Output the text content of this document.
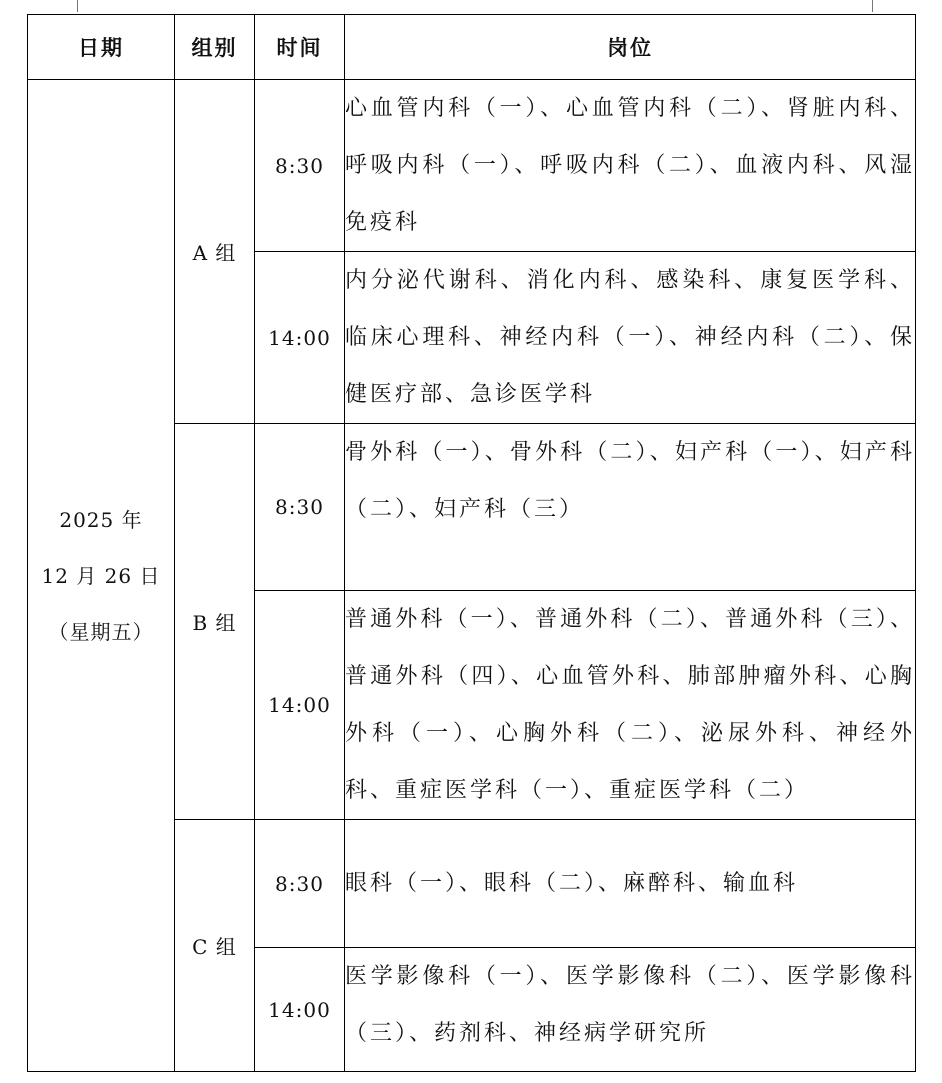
日期	组别	时间	岗位

2025 年
12 月 26 日
（星期五）	A 组	8:30	心血管内科（一）、心血管内科（二）、肾脏内科、呼吸内科（一）、呼吸内科（二）、血液内科、风湿免疫科
		14:00	内分泌代谢科、消化内科、感染科、康复医学科、临床心理科、神经内科（一）、神经内科（二）、保健医疗部、急诊医学科
	B 组	8:30	骨外科（一）、骨外科（二）、妇产科（一）、妇产科（二）、妇产科（三）
		14:00	普通外科（一）、普通外科（二）、普通外科（三）、普通外科（四）、心血管外科、肺部肿瘤外科、心胸外科（一）、心胸外科（二）、泌尿外科、神经外科、重症医学科（一）、重症医学科（二）
	C 组	8:30	眼科（一）、眼科（二）、麻醉科、输血科
		14:00	医学影像科（一）、医学影像科（二）、医学影像科（三）、药剂科、神经病学研究所
